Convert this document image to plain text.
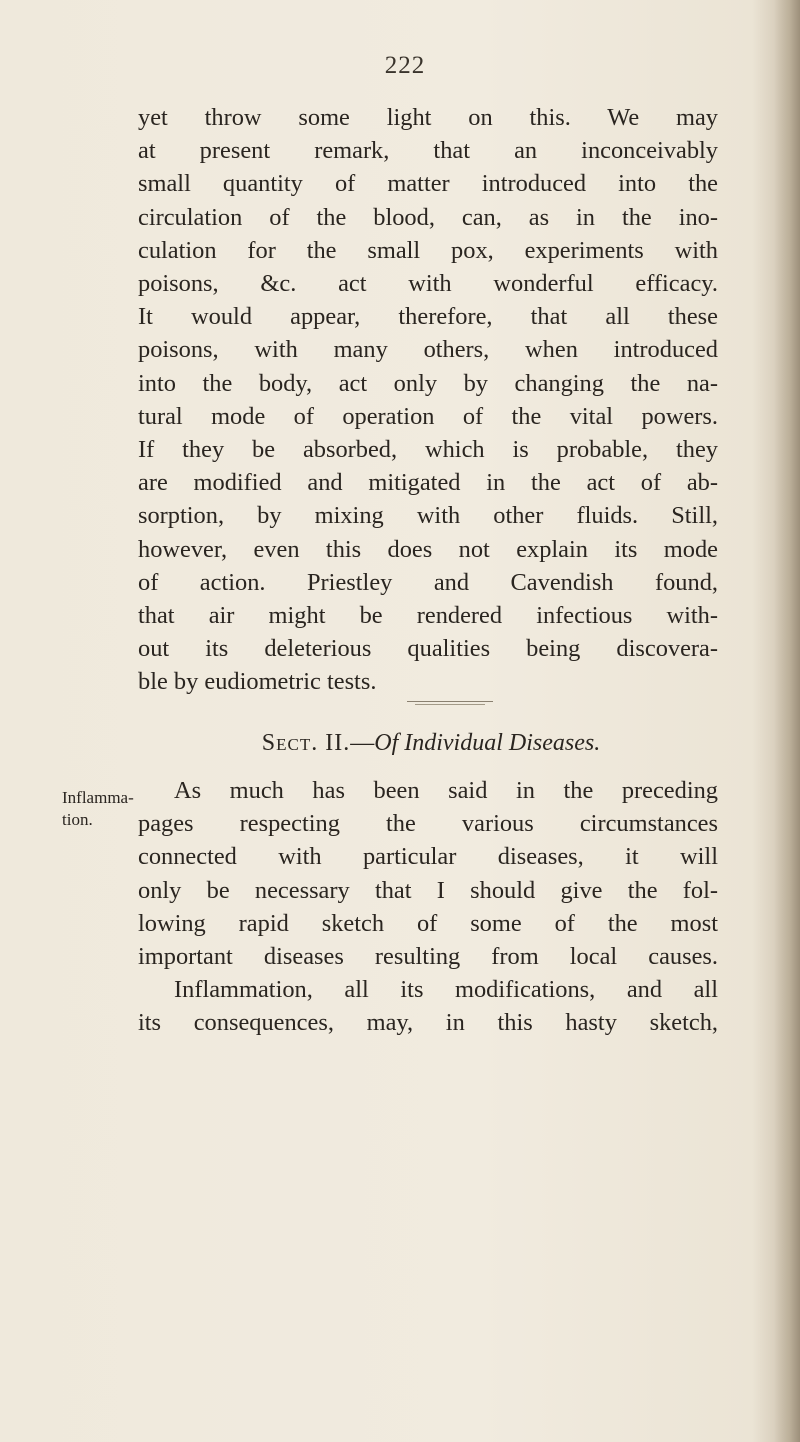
222
yet throw some light on this. We may
at present remark, that an inconceivably
small quantity of matter introduced into the
circulation of the blood, can, as in the ino-
culation for the small pox, experiments with
poisons, &c. act with wonderful efficacy.
It would appear, therefore, that all these
poisons, with many others, when introduced
into the body, act only by changing the na-
tural mode of operation of the vital powers.
If they be absorbed, which is probable, they
are modified and mitigated in the act of ab-
sorption, by mixing with other fluids. Still,
however, even this does not explain its mode
of action. Priestley and Cavendish found,
that air might be rendered infectious with-
out its deleterious qualities being discovera-
ble by eudiometric tests.
Sect. II.—Of Individual Diseases.
Inflamma-
tion.
As much has been said in the preceding
pages respecting the various circumstances
connected with particular diseases, it will
only be necessary that I should give the fol-
lowing rapid sketch of some of the most
important diseases resulting from local causes.
Inflammation, all its modifications, and all
its consequences, may, in this hasty sketch,
